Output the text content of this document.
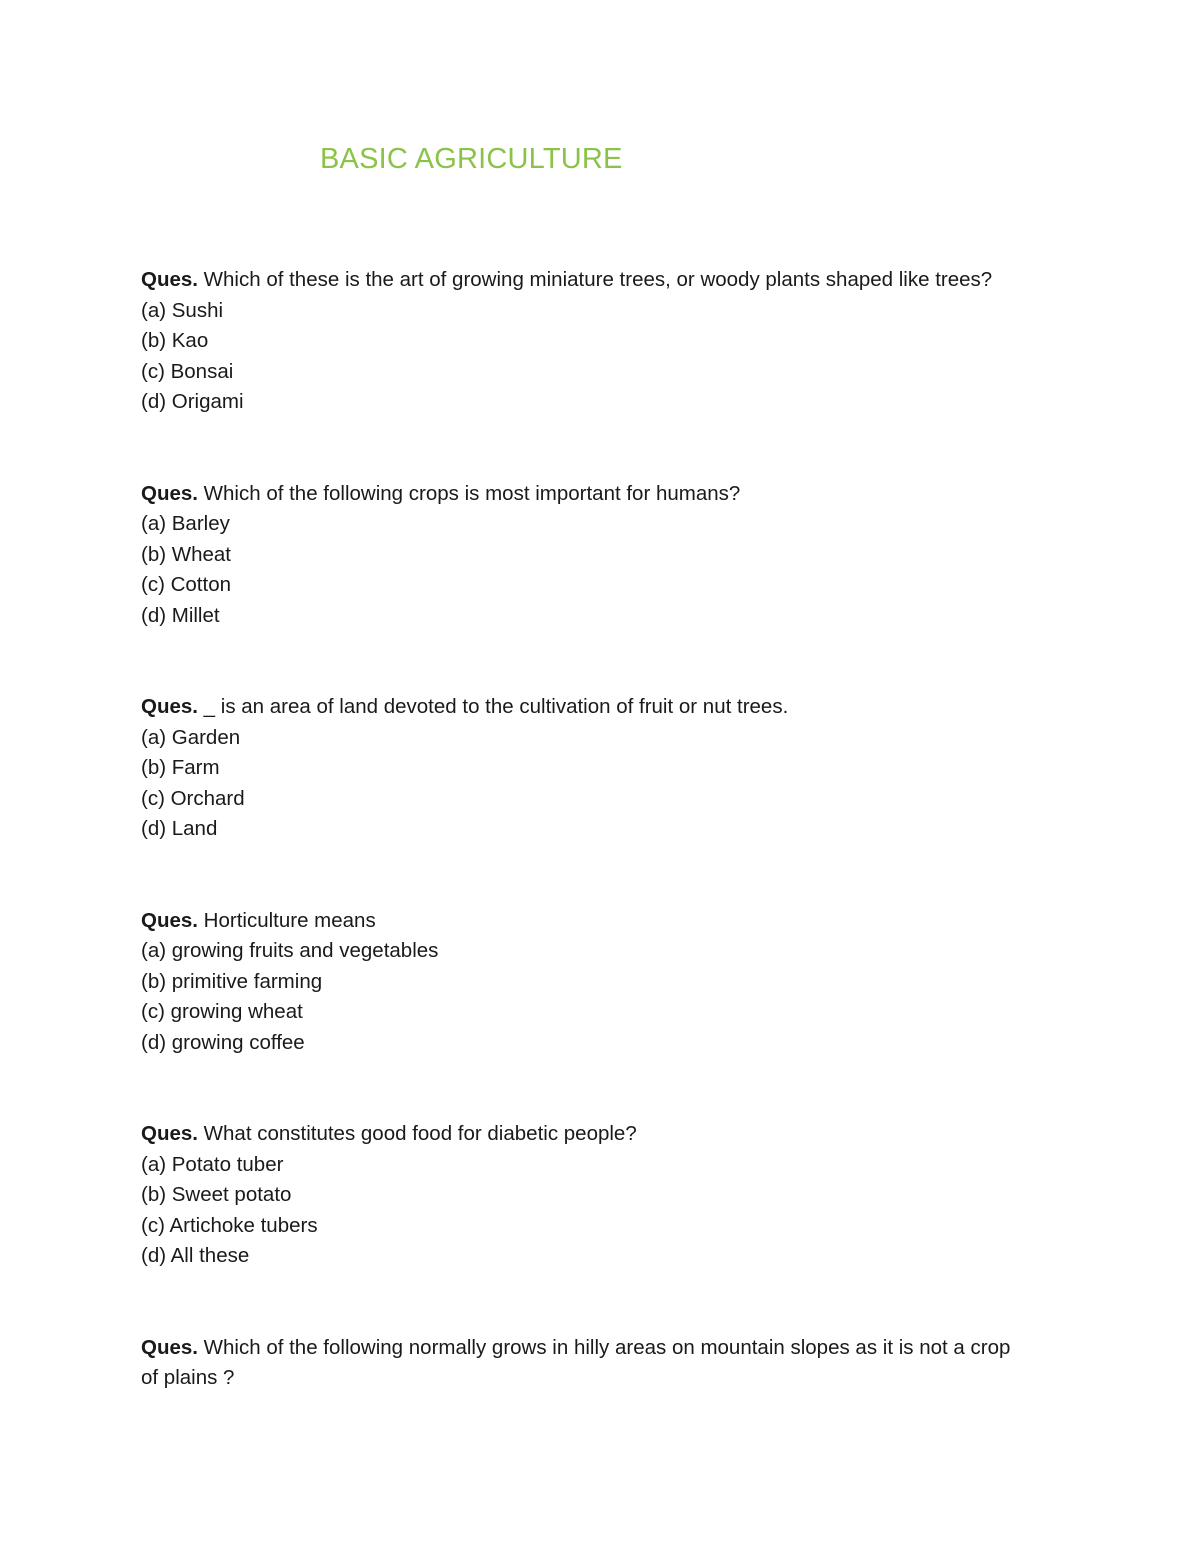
BASIC AGRICULTURE

Ques. Which of these is the art of growing miniature trees, or woody plants shaped like trees?

(a) Sushi
(b) Kao
(c) Bonsai
(d) Origami

Ques. Which of the following crops is most important for humans?

(a) Barley
(b) Wheat
(c) Cotton
(d) Millet

Ques. _ is an area of land devoted to the cultivation of fruit or nut trees.

(a) Garden
(b) Farm
(c) Orchard
(d) Land

Ques. Horticulture means

(a) growing fruits and vegetables
(b) primitive farming
(c) growing wheat
(d) growing coffee

Ques. What constitutes good food for diabetic people?

(a) Potato tuber
(b) Sweet potato
(c) Artichoke tubers
(d) All these

Ques. Which of the following normally grows in hilly areas on mountain slopes as it is not a crop of plains ?
